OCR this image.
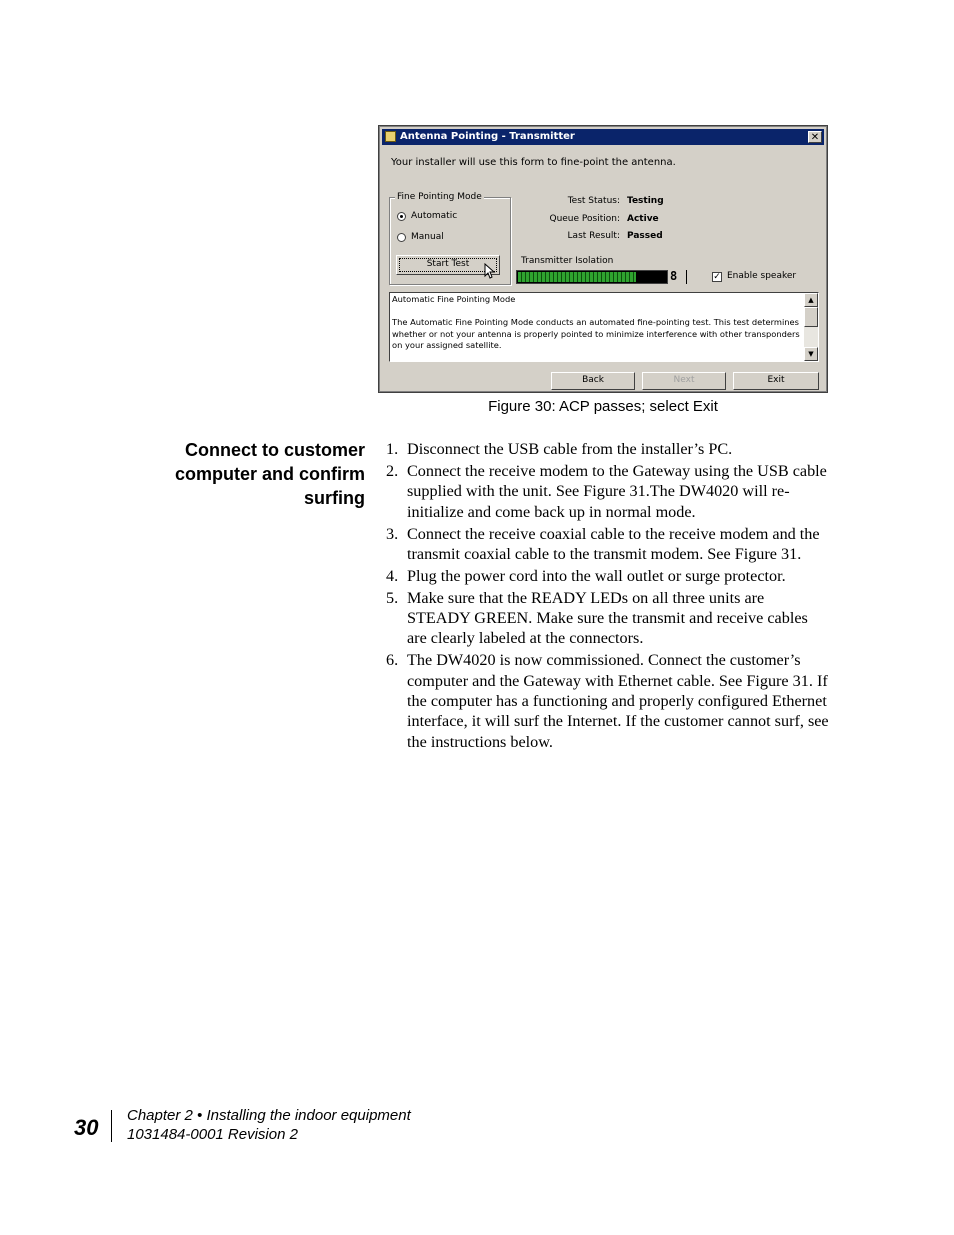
Antenna Pointing - Transmitter	✕
Your installer will use this form to fine-point the antenna.
Fine Pointing Mode
Automatic
Manual
Start Test
Test Status: Testing
Queue Position: Active
Last Result: Passed
Transmitter Isolation
8	✓ Enable speaker
Automatic Fine Pointing Mode
The Automatic Fine Pointing Mode conducts an automated fine-pointing test. This test determines whether or not your antenna is properly pointed to minimize interference with other transponders on your assigned satellite.
▲
▼
Back	Next	Exit
Figure 30: ACP passes; select Exit
Connect to customer computer and confirm surfing
1. Disconnect the USB cable from the installer’s PC.
2. Connect the receive modem to the Gateway using the USB cable supplied with the unit. See Figure 31.The DW4020 will re-initialize and come back up in normal mode.
3. Connect the receive coaxial cable to the receive modem and the transmit coaxial cable to the transmit modem. See Figure 31.
4. Plug the power cord into the wall outlet or surge protector.
5. Make sure that the READY LEDs on all three units are STEADY GREEN. Make sure the transmit and receive cables are clearly labeled at the connectors.
6. The DW4020 is now commissioned. Connect the customer’s computer and the Gateway with Ethernet cable. See Figure 31. If the computer has a functioning and properly configured Ethernet interface, it will surf the Internet. If the customer cannot surf, see the instructions below.
30 Chapter 2 • Installing the indoor equipment
1031484-0001 Revision 2
